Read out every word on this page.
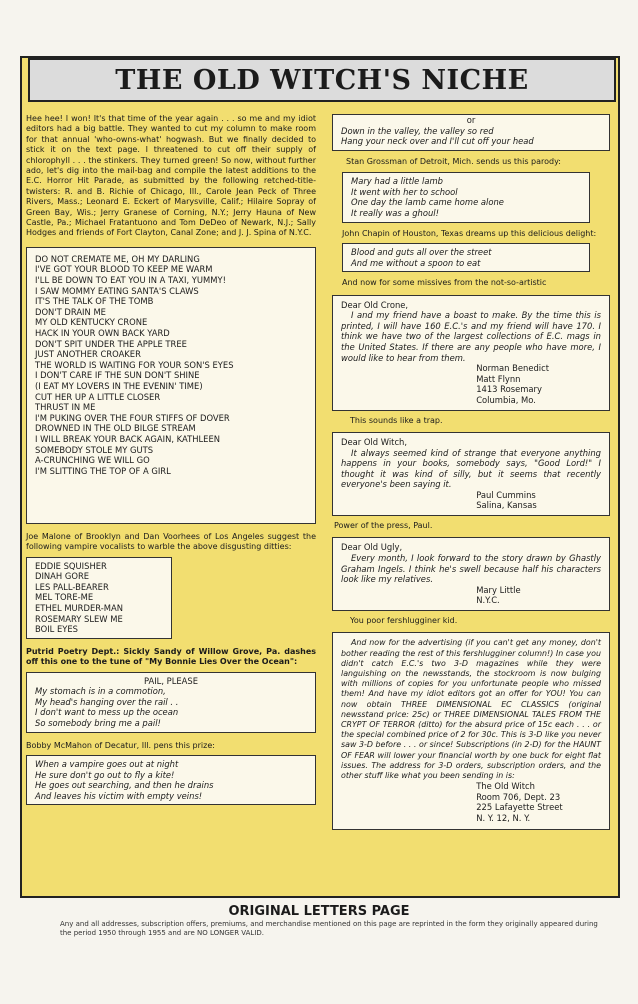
THE OLD WITCH'S NICHE

Hee hee! I won! It's that time of the year again . . . so me and my idiot editors had a big battle. They wanted to cut my column to make room for that annual 'who-owns-what' hogwash. But we finally decided to stick it on the text page. I threatened to cut off their supply of chlorophyll . . . the stinkers. They turned green! So now, without further ado, let's dig into the mail-bag and compile the latest additions to the E.C. Horror Hit Parade, as submitted by the following retched-title-twisters: R. and B. Richie of Chicago, Ill., Carole Jean Peck of Three Rivers, Mass.; Leonard E. Eckert of Marysville, Calif.; Hilaire Sopray of Green Bay, Wis.; Jerry Granese of Corning, N.Y.; Jerry Hauna of New Castle, Pa.; Michael Fratantuono and Tom DeDeo of Newark, N.J.; Sally Hodges and friends of Fort Clayton, Canal Zone; and J. J. Spina of N.Y.C.

DO NOT CREMATE ME, OH MY DARLING
I'VE GOT YOUR BLOOD TO KEEP ME WARM
I'LL BE DOWN TO EAT YOU IN A TAXI, YUMMY!
I SAW MOMMY EATING SANTA'S CLAWS
IT'S THE TALK OF THE TOMB
DON'T DRAIN ME
MY OLD KENTUCKY CRONE
HACK IN YOUR OWN BACK YARD
DON'T SPIT UNDER THE APPLE TREE
JUST ANOTHER CROAKER
THE WORLD IS WAITING FOR YOUR SON'S EYES
I DON'T CARE IF THE SUN DON'T SHINE
(I EAT MY LOVERS IN THE EVENIN' TIME)
CUT HER UP A LITTLE CLOSER
THRUST IN ME
I'M PUKING OVER THE FOUR STIFFS OF DOVER
DROWNED IN THE OLD BILGE STREAM
I WILL BREAK YOUR BACK AGAIN, KATHLEEN
SOMEBODY STOLE MY GUTS
A-CRUNCHING WE WILL GO
I'M SLITTING THE TOP OF A GIRL

Joe Malone of Brooklyn and Dan Voorhees of Los Angeles suggest the following vampire vocalists to warble the above disgusting ditties:

EDDIE SQUISHER
DINAH GORE
LES PALL-BEARER
MEL TORE-ME
ETHEL MURDER-MAN
ROSEMARY SLEW ME
BOIL EYES

Putrid Poetry Dept.: Sickly Sandy of Willow Grove, Pa. dashes off this one to the tune of "My Bonnie Lies Over the Ocean":

PAIL, PLEASE
My stomach is in a commotion,
My head's hanging over the rail . .
I don't want to mess up the ocean
So somebody bring me a pail!

Bobby McMahon of Decatur, Ill. pens this prize:

When a vampire goes out at night
He sure don't go out to fly a kite!
He goes out searching, and then he drains
And leaves his victim with empty veins!
or
Down in the valley, the valley so red
Hang your neck over and I'll cut off your head

Stan Grossman of Detroit, Mich. sends us this parody:

Mary had a little lamb
It went with her to school
One day the lamb came home alone
It really was a ghoul!

John Chapin of Houston, Texas dreams up this delicious delight:

Blood and guts all over the street
And me without a spoon to eat

And now for some missives from the not-so-artistic

Dear Old Crone,

I and my friend have a boast to make. By the time this is printed, I will have 160 E.C.'s and my friend will have 170. I think we have two of the largest collections of E.C. mags in the United States. If there are any people who have more, I would like to hear from them.

Norman Benedict
Matt Flynn
1413 Rosemary
Columbia, Mo.

This sounds like a trap.

Dear Old Witch,

It always seemed kind of strange that everyone anything happens in your books, somebody says, "Good Lord!" I thought it was kind of silly, but it seems that recently everyone's been saying it.

Paul Cummins
Salina, Kansas

Power of the press, Paul.

Dear Old Ugly,

Every month, I look forward to the story drawn by Ghastly Graham Ingels. I think he's swell because half his characters look like my relatives.

Mary Little
N.Y.C.

You poor fershlugginer kid.

And now for the advertising (if you can't get any money, don't bother reading the rest of this fershlugginer column!) In case you didn't catch E.C.'s two 3-D magazines while they were languishing on the newsstands, the stockroom is now bulging with millions of copies for you unfortunate people who missed them! And have my idiot editors got an offer for YOU! You can now obtain THREE DIMENSIONAL EC CLASSICS (original newsstand price: 25c) or THREE DIMENSIONAL TALES FROM THE CRYPT OF TERROR (ditto) for the absurd price of 15c each . . . or the special combined price of 2 for 30c. This is 3-D like you never saw 3-D before . . . or since! Subscriptions (in 2-D) for the HAUNT OF FEAR will lower your financial worth by one buck for eight flat issues. The address for 3-D orders, subscription orders, and the other stuff like what you been sending in is:

The Old Witch
Room 706, Dept. 23
225 Lafayette Street
N. Y. 12, N. Y.
ORIGINAL LETTERS PAGE
Any and all addresses, subscription offers, premiums, and merchandise mentioned on this page are reprinted in the form they originally appeared during the period 1950 through 1955 and are NO LONGER VALID.
